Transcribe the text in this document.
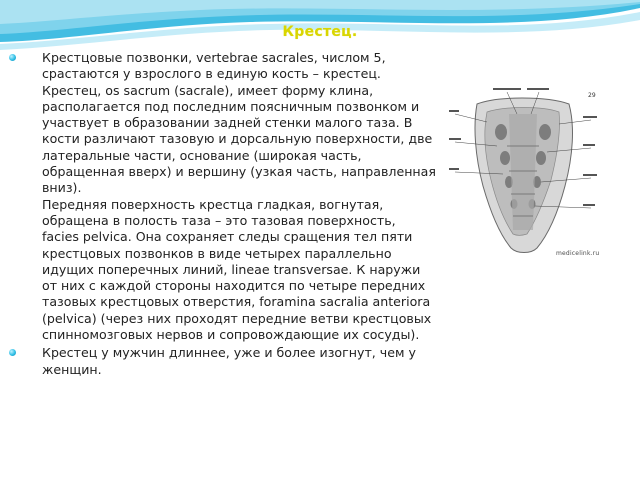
Крестец.

Крестцовые позвонки, vertebrae sacrales, числом 5, срастаются у взрослого в единую кость – крестец.

Крестец, os sacrum (sacrale), имеет форму клина, располагается под последним поясничным позвонком и участвует в образовании задней стенки малого таза. В кости различают тазовую и дорсальную поверхности, две латеральные части, основание (широкая часть, обращенная вверх) и вершину (узкая часть, направленная вниз).

Передняя поверхность крестца гладкая, вогнутая, обращена в полость таза – это тазовая поверхность, facies pelvica. Она сохраняет следы сращения тел пяти крестцовых позвонков в виде четырех параллельно идущих поперечных линий, lineae transversae. К наружи от них с каждой стороны находится по четыре передних тазовых крестцовых отверстия, foramina sacralia anteriora (pelvica) (через них проходят передние ветви крестцовых спинномозговых нервов и сопровождающие их сосуды).

Крестец у мужчин длиннее, уже и более изогнут, чем у женщин.

29
medicelink.ru
